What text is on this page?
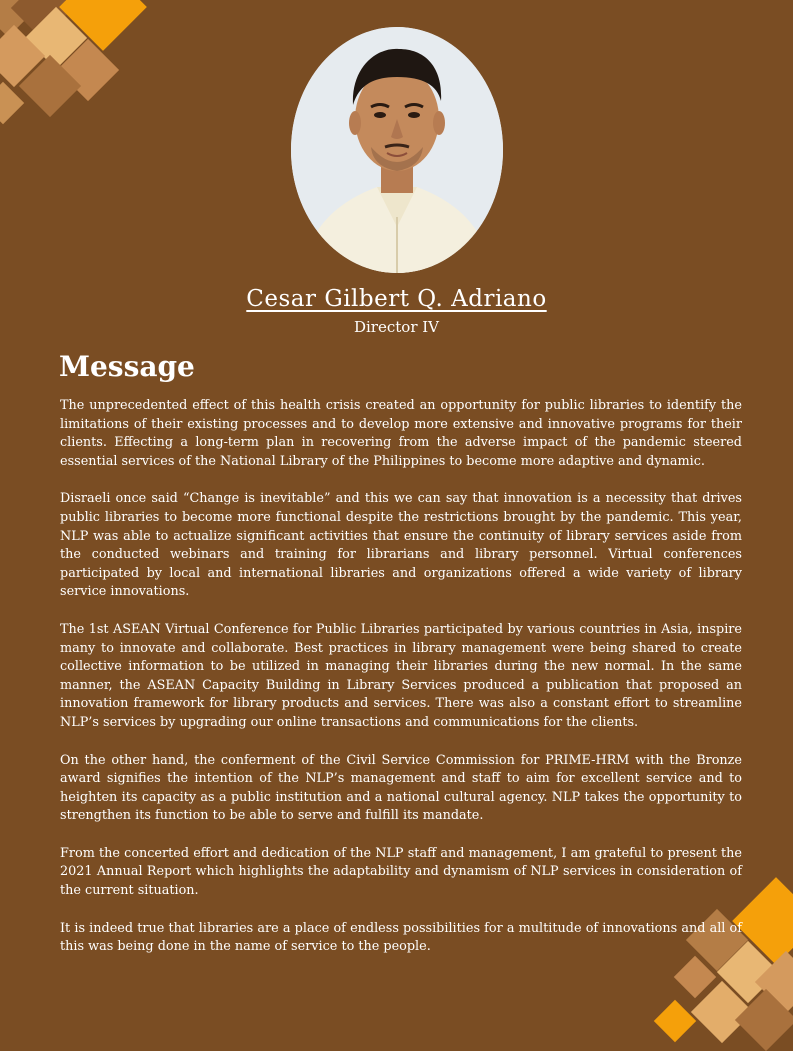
Cesar Gilbert Q. Adriano
Director IV
Message

The unprecedented effect of this health crisis created an opportunity for public libraries to identify the limitations of their existing processes and to develop more extensive and innovative programs for their clients. Effecting a long-term plan in recovering from the adverse impact of the pandemic steered essential services of the National Library of the Philippines to become more adaptive and dynamic.

Disraeli once said “Change is inevitable” and this we can say that innovation is a necessity that drives public libraries to become more functional despite the restrictions brought by the pandemic. This year, NLP was able to actualize significant activities that ensure the continuity of library services aside from the conducted webinars and training for librarians and library personnel. Virtual conferences participated by local and international libraries and organizations offered a wide variety of library service innovations.

The 1st ASEAN Virtual Conference for Public Libraries participated by various countries in Asia, inspire many to innovate and collaborate. Best practices in library management were being shared to create collective information to be utilized in managing their libraries during the new normal. In the same manner, the ASEAN Capacity Building in Library Services produced a publication that proposed an innovation framework for library products and services. There was also a constant effort to streamline NLP’s services by upgrading our online transactions and communications for the clients.

On the other hand, the conferment of the Civil Service Commission for PRIME-HRM with the Bronze award signifies the intention of the NLP’s management and staff to aim for excellent service and to heighten its capacity as a public institution and a national cultural agency. NLP takes the opportunity to strengthen its function to be able to serve and fulfill its mandate.

From the concerted effort and dedication of the NLP staff and management, I am grateful to present the 2021 Annual Report which highlights the adaptability and dynamism of NLP services in consideration of the current situation.

It is indeed true that libraries are a place of endless possibilities for a multitude of innovations and all of this was being done in the name of service to the people.
